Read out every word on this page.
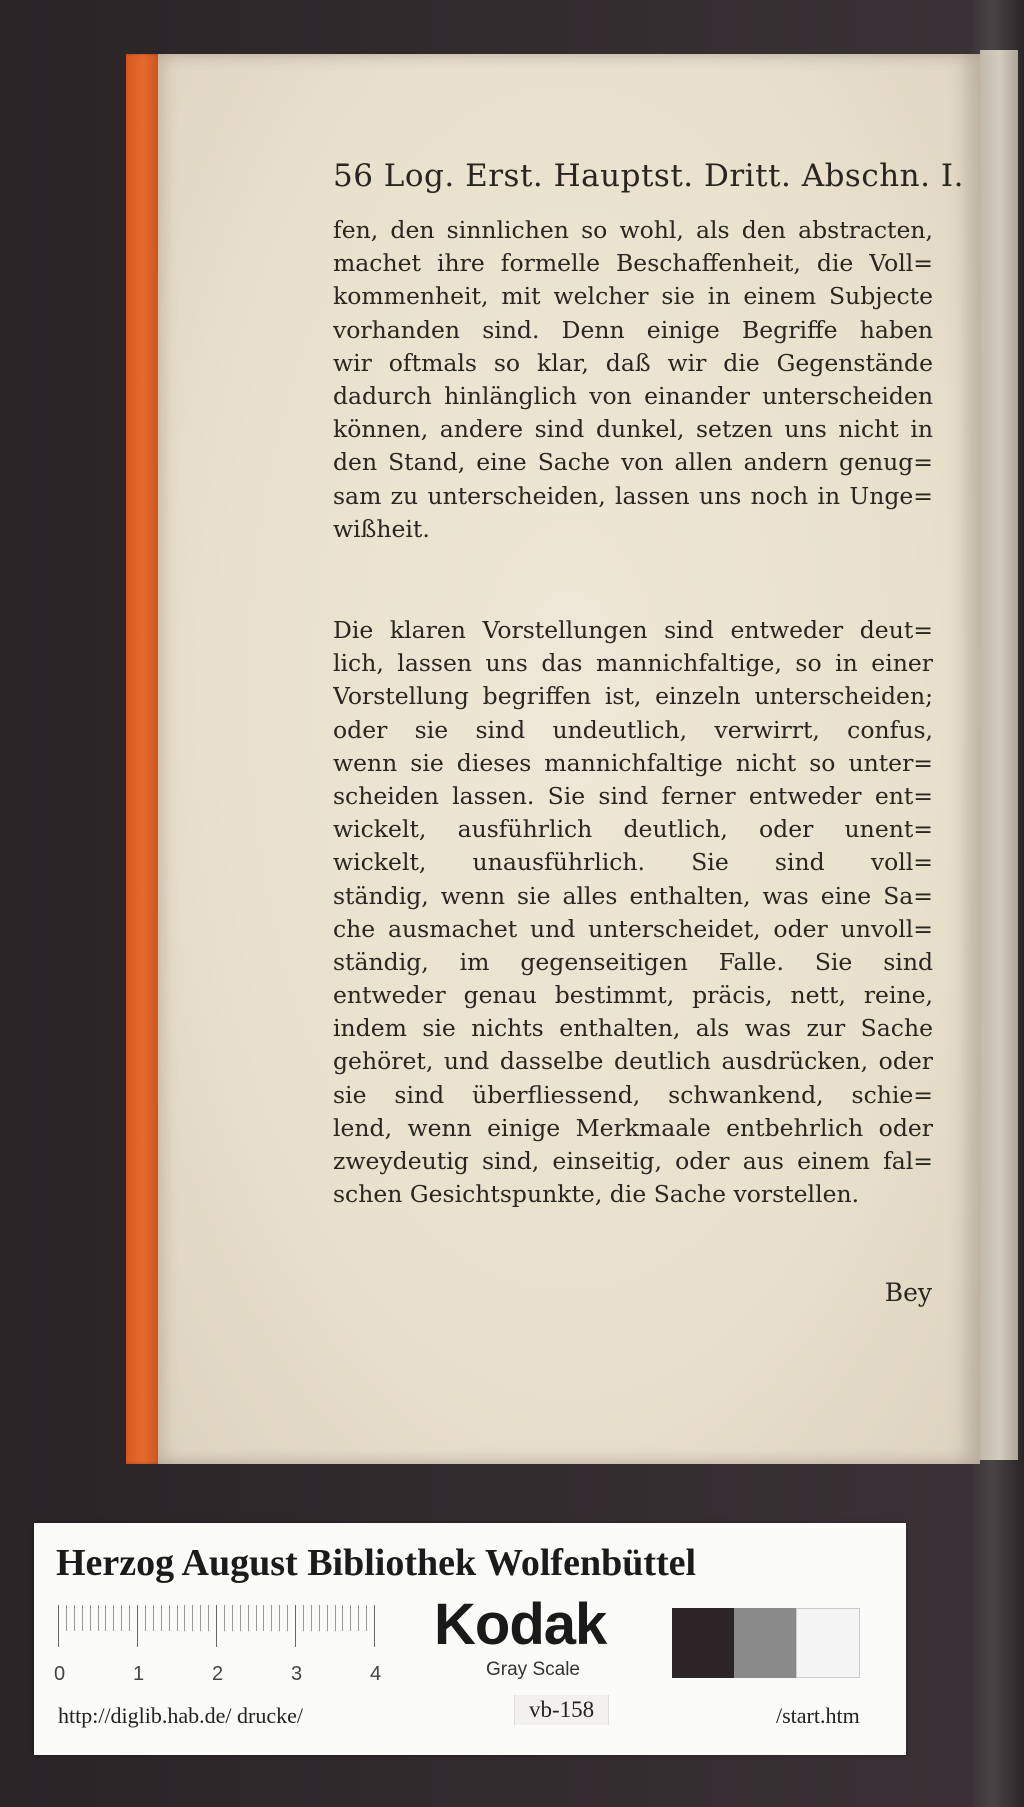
56 Log. Erst. Hauptst. Dritt. Abschn. I.
fen, den sinnlichen so wohl, als den abstracten,
machet ihre formelle Beschaffenheit, die Voll=
kommenheit, mit welcher sie in einem Subjecte
vorhanden sind. Denn einige Begriffe haben
wir oftmals so klar, daß wir die Gegenstände
dadurch hinlänglich von einander unterscheiden
können, andere sind dunkel, setzen uns nicht in
den Stand, eine Sache von allen andern genug=
sam zu unterscheiden, lassen uns noch in Unge=
wißheit.
Die klaren Vorstellungen sind entweder deut=
lich, lassen uns das mannichfaltige, so in einer
Vorstellung begriffen ist, einzeln unterscheiden;
oder sie sind undeutlich, verwirrt, confus,
wenn sie dieses mannichfaltige nicht so unter=
scheiden lassen. Sie sind ferner entweder ent=
wickelt, ausführlich deutlich, oder unent=
wickelt, unausführlich. Sie sind voll=
ständig, wenn sie alles enthalten, was eine Sa=
che ausmachet und unterscheidet, oder unvoll=
ständig, im gegenseitigen Falle. Sie sind
entweder genau bestimmt, präcis, nett, reine,
indem sie nichts enthalten, als was zur Sache
gehöret, und dasselbe deutlich ausdrücken, oder
sie sind überfliessend, schwankend, schie=
lend, wenn einige Merkmaale entbehrlich oder
zweydeutig sind, einseitig, oder aus einem fal=
schen Gesichtspunkte, die Sache vorstellen.
Bey
Herzog August Bibliothek Wolfenbüttel
0	1	2	3	4
Kodak
Gray Scale
http://diglib.hab.de/ drucke/	vb-158	/start.htm
